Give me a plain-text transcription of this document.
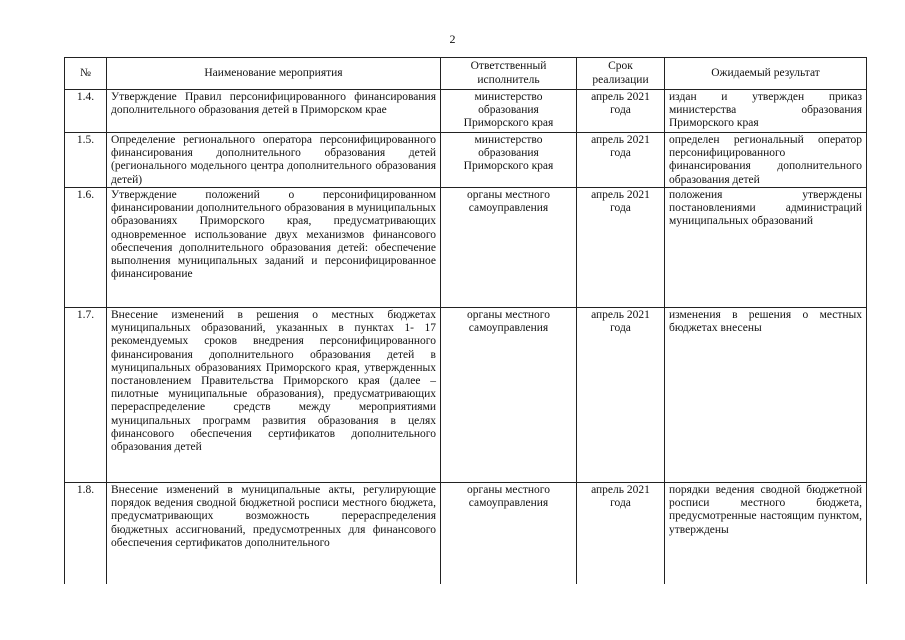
2
№	Наименование мероприятия	Ответственный исполнитель	Срок реализации	Ожидаемый результат
1.4.	Утверждение Правил персонифицированного финансирования дополнительного образования детей в Приморском крае	министерство образования Приморского края	апрель 2021 года	издан и утвержден приказ министерства образования Приморского края
1.5.	Определение регионального оператора персонифицированного финансирования дополнительного образования детей (регионального модельного центра дополнительного образования детей)	министерство образования Приморского края	апрель 2021 года	определен региональный оператор персонифицированного финансирования дополнительного образования детей
1.6.	Утверждение положений о персонифицированном финансировании дополнительного образования в муниципальных образованиях Приморского края, предусматривающих одновременное использование двух механизмов финансового обеспечения дополнительного образования детей: обеспечение выполнения муниципальных заданий и персонифицированное финансирование	органы местного самоуправления	апрель 2021 года	положения утверждены постановлениями администраций муниципальных образований
1.7.	Внесение изменений в решения о местных бюджетах муниципальных образований, указанных в пунктах 1- 17 рекомендуемых сроков внедрения персонифицированного финансирования дополнительного образования детей в муниципальных образованиях Приморского края, утвержденных постановлением Правительства Приморского края (далее – пилотные муниципальные образования), предусматривающих перераспределение средств между мероприятиями муниципальных программ развития образования в целях финансового обеспечения сертификатов дополнительного образования детей	органы местного самоуправления	апрель 2021 года	изменения в решения о местных бюджетах внесены
1.8.	Внесение изменений в муниципальные акты, регулирующие порядок ведения сводной бюджетной росписи местного бюджета, предусматривающих возможность перераспределения бюджетных ассигнований, предусмотренных для финансового обеспечения сертификатов дополнительного	органы местного самоуправления	апрель 2021 года	порядки ведения сводной бюджетной росписи местного бюджета, предусмотренные настоящим пунктом, утверждены
